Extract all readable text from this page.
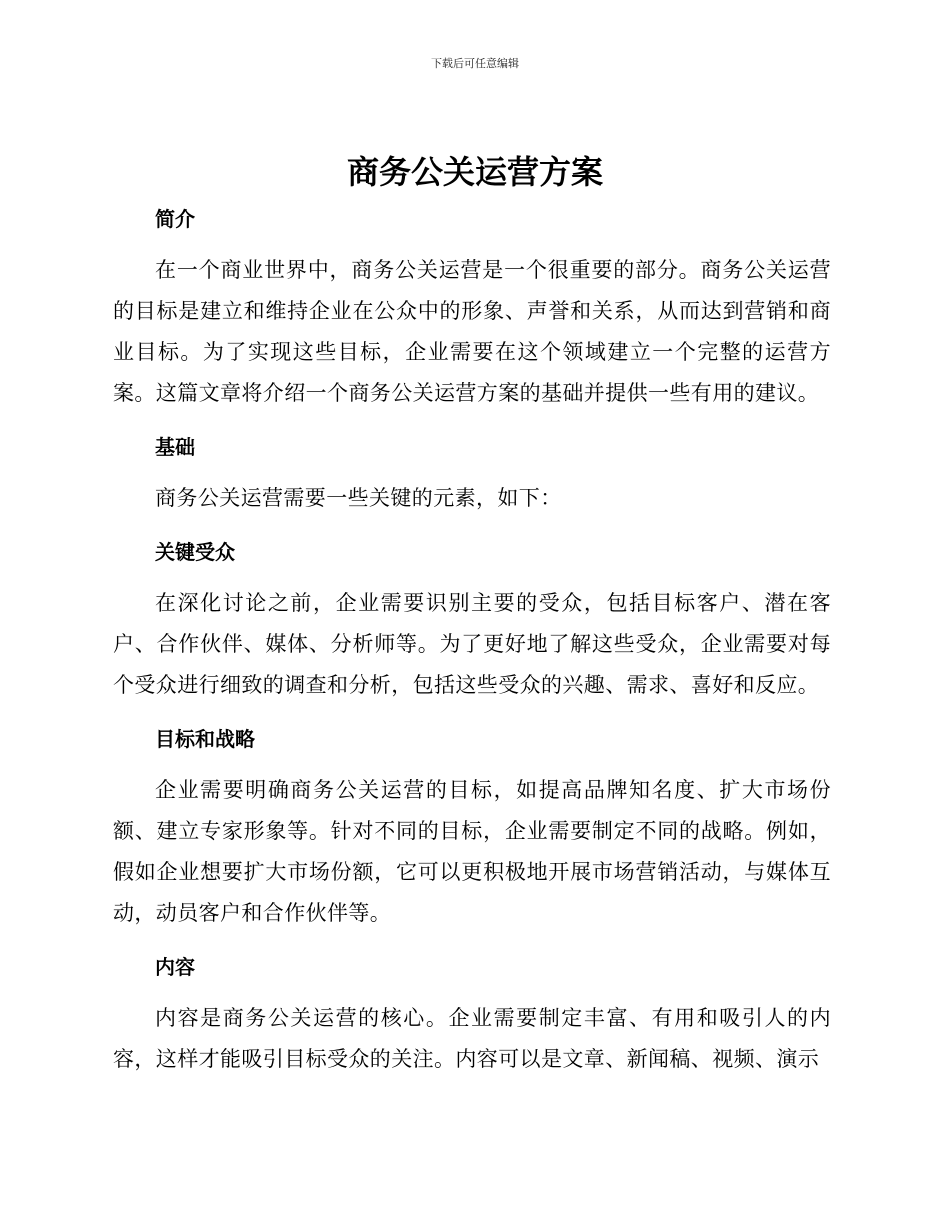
下载后可任意编辑
商务公关运营方案
简介

在一个商业世界中，商务公关运营是一个很重要的部分。商务公关运营的目标是建立和维持企业在公众中的形象、声誉和关系，从而达到营销和商业目标。为了实现这些目标，企业需要在这个领域建立一个完整的运营方案。这篇文章将介绍一个商务公关运营方案的基础并提供一些有用的建议。

基础

商务公关运营需要一些关键的元素，如下：

关键受众

在深化讨论之前，企业需要识别主要的受众，包括目标客户、潜在客户、合作伙伴、媒体、分析师等。为了更好地了解这些受众，企业需要对每个受众进行细致的调查和分析，包括这些受众的兴趣、需求、喜好和反应。

目标和战略

企业需要明确商务公关运营的目标，如提高品牌知名度、扩大市场份额、建立专家形象等。针对不同的目标，企业需要制定不同的战略。例如，假如企业想要扩大市场份额，它可以更积极地开展市场营销活动，与媒体互动，动员客户和合作伙伴等。

内容

内容是商务公关运营的核心。企业需要制定丰富、有用和吸引人的内容，这样才能吸引目标受众的关注。内容可以是文章、新闻稿、视频、演示
